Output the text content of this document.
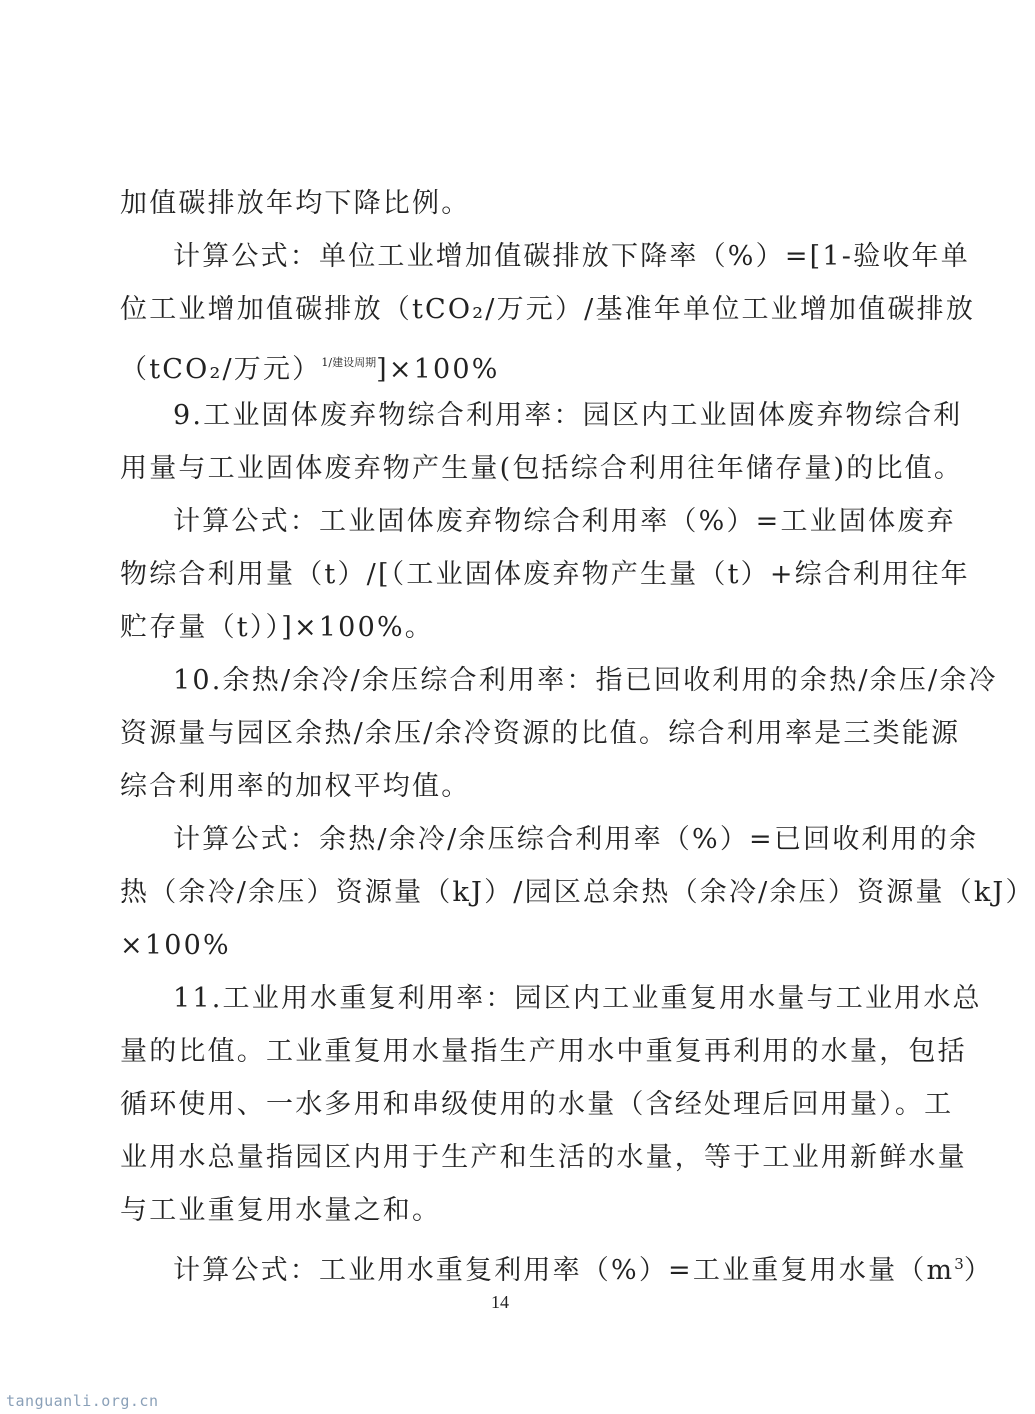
加值碳排放年均下降比例。
计算公式：单位工业增加值碳排放下降率（%）=[1-验收年单
位工业增加值碳排放（tCO₂/万元）/基准年单位工业增加值碳排放
（tCO₂/万元）$^{1/建设周期}$]×100%
9.工业固体废弃物综合利用率：园区内工业固体废弃物综合利
用量与工业固体废弃物产生量(包括综合利用往年储存量)的比值。
计算公式：工业固体废弃物综合利用率（%）=工业固体废弃
物综合利用量（t）/[（工业固体废弃物产生量（t）+综合利用往年
贮存量（t））]×100%。
10.余热/余冷/余压综合利用率：指已回收利用的余热/余压/余冷
资源量与园区余热/余压/余冷资源的比值。综合利用率是三类能源
综合利用率的加权平均值。
计算公式：余热/余冷/余压综合利用率（%）=已回收利用的余
热（余冷/余压）资源量（kJ）/园区总余热（余冷/余压）资源量（kJ）
×100%
11.工业用水重复利用率：园区内工业重复用水量与工业用水总
量的比值。工业重复用水量指生产用水中重复再利用的水量，包括
循环使用、一水多用和串级使用的水量（含经处理后回用量）。工
业用水总量指园区内用于生产和生活的水量，等于工业用新鲜水量
与工业重复用水量之和。
计算公式：工业用水重复利用率（%）=工业重复用水量$(m^3)$
14
tanguanli.org.cn
